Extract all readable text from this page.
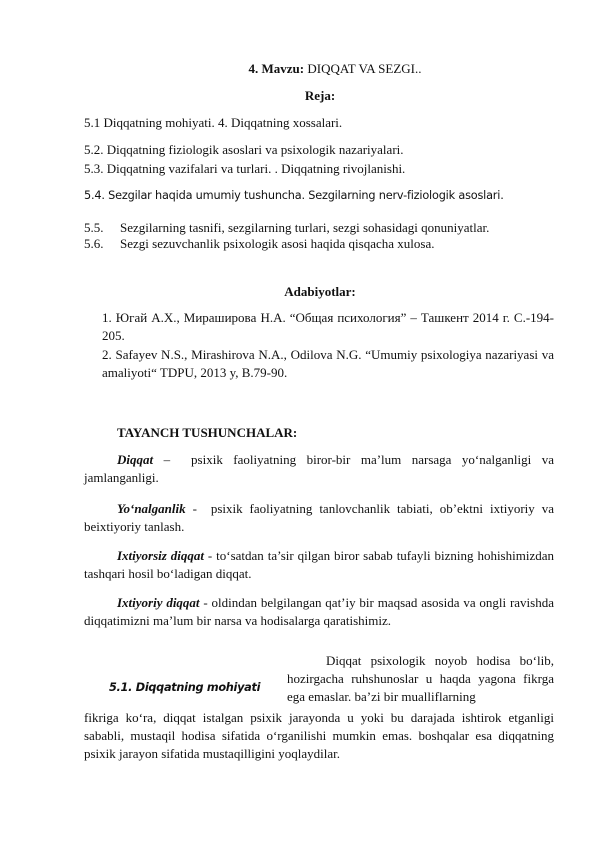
4. Mavzu: DIQQAT VA SEZGI..
Reja:
5.1 Diqqatning mohiyati. 4. Diqqatning xossalari.
5.2. Diqqatning fiziologik asoslari va psixologik nazariyalari.
5.3. Diqqatning vazifalari va turlari. . Diqqatning rivojlanishi.
5.4. Sezgilar haqida umumiy tushuncha. Sezgilarning nerv-fiziologik asoslari.
5.5. Sezgilarning tasnifi, sezgilarning turlari, sezgi sohasidagi qonuniyatlar.
5.6. Sezgi sezuvchanlik psixologik asosi haqida qisqacha xulosa.
Adabiyotlar:
1. Югай А.Х., Мирашировa Н.А. “Общая психология” – Ташкент 2014 г. С.-194-205.
2. Safayev N.S., Mirashirova N.A., Odilova N.G. “Umumiy psixologiya nazariyasi va amaliyoti“ TDPU, 2013 y, B.79-90.
TAYANCH TUSHUNCHALAR:
Diqqat –  psixik faoliyatning biror-bir ma’lum narsaga yo‘nalganligi va jamlanganligi.
Yo‘nalganlik -  psixik faoliyatning tanlovchanlik tabiati, ob’ektni ixtiyoriy va beixtiyoriy tanlash.
Ixtiyorsiz diqqat - to‘satdan ta’sir qilgan biror sabab tufayli bizning hohishimizdan tashqari hosil bo‘ladigan diqqat.
Ixtiyoriy diqqat - oldindan belgilangan qat’iy bir maqsad asosida va ongli ravishda diqqatimizni ma’lum bir narsa va hodisalarga qaratishimiz.
5.1. Diqqatning mohiyati
Diqqat psixologik noyob hodisa bo‘lib, hozirgacha ruhshunoslar u haqda yagona fikrga ega emaslar. ba’zi bir mualliflarning
fikriga ko‘ra, diqqat istalgan psixik jarayonda u yoki bu darajada ishtirok etganligi sababli, mustaqil hodisa sifatida o‘rganilishi mumkin emas. boshqalar esa diqqatning psixik jarayon sifatida mustaqilligini yoqlaydilar.
